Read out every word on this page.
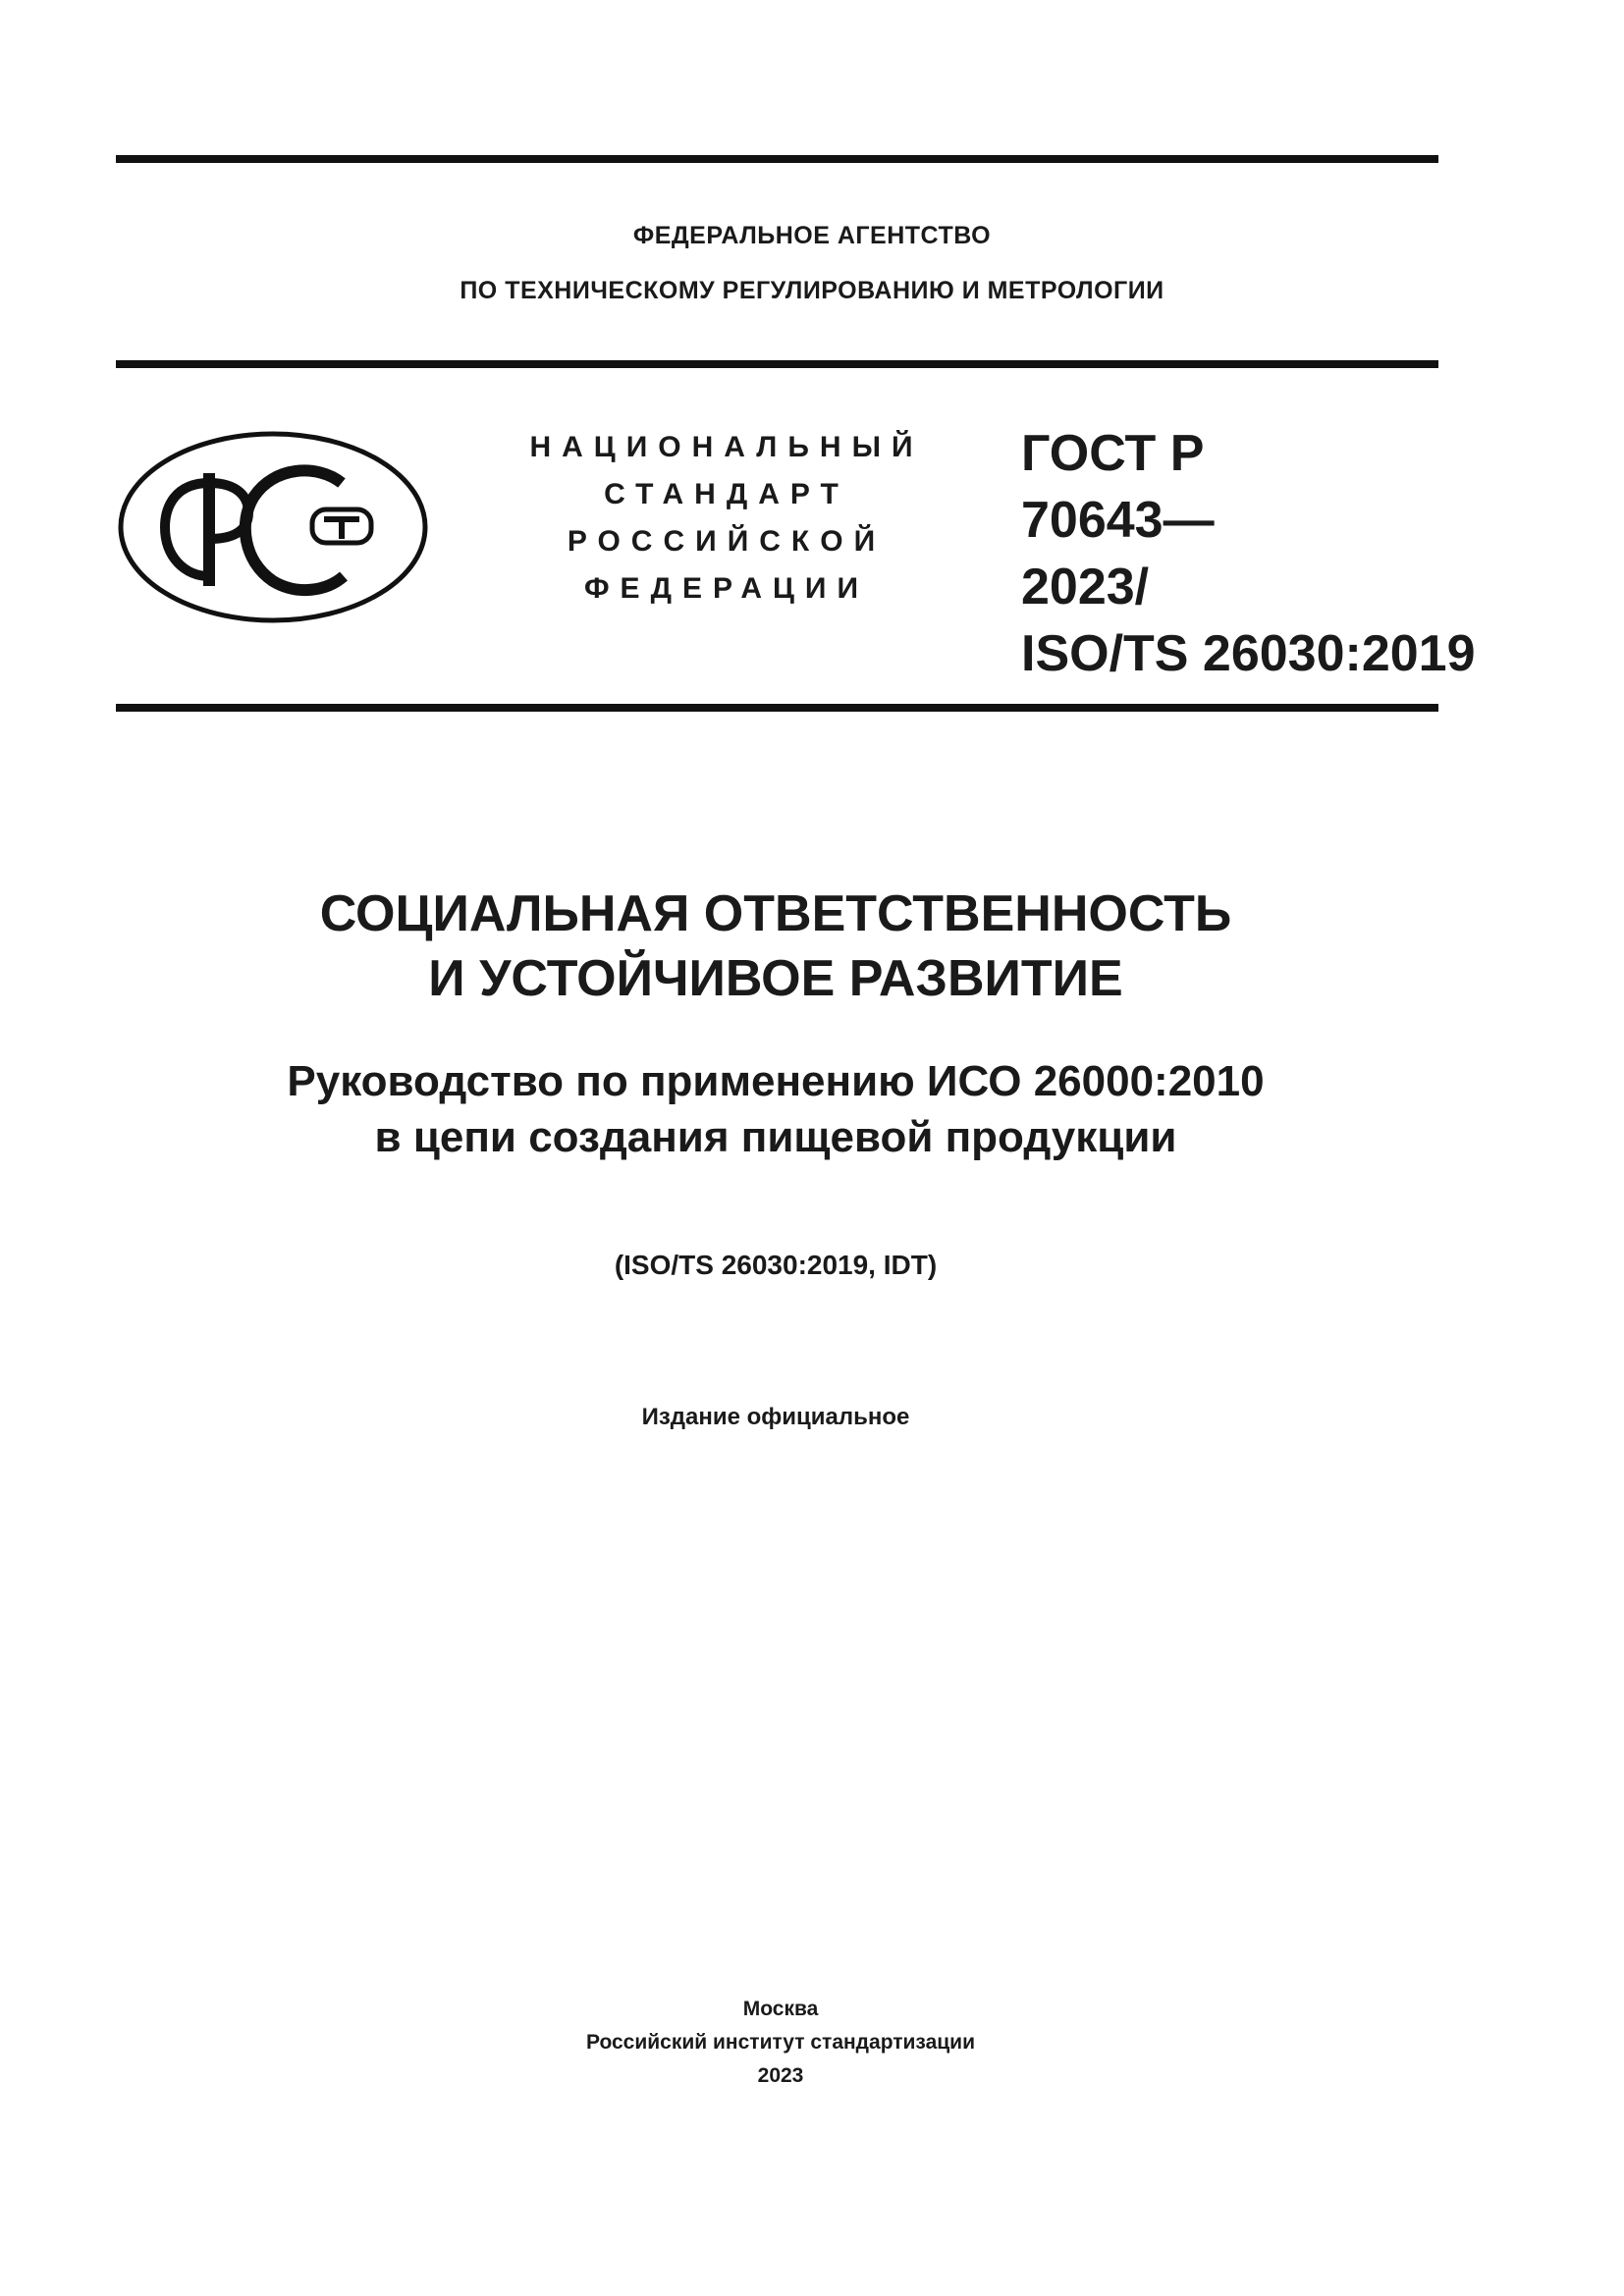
ФЕДЕРАЛЬНОЕ АГЕНТСТВО
ПО ТЕХНИЧЕСКОМУ РЕГУЛИРОВАНИЮ И МЕТРОЛОГИИ
НАЦИОНАЛЬНЫЙ
СТАНДАРТ
РОССИЙСКОЙ
ФЕДЕРАЦИИ
ГОСТ Р
70643—
2023/
ISO/TS 26030:2019
СОЦИАЛЬНАЯ ОТВЕТСТВЕННОСТЬ
И УСТОЙЧИВОЕ РАЗВИТИЕ
Руководство по применению ИСО 26000:2010
в цепи создания пищевой продукции
(ISO/TS 26030:2019, IDT)
Издание официальное
Москва
Российский институт стандартизации
2023
